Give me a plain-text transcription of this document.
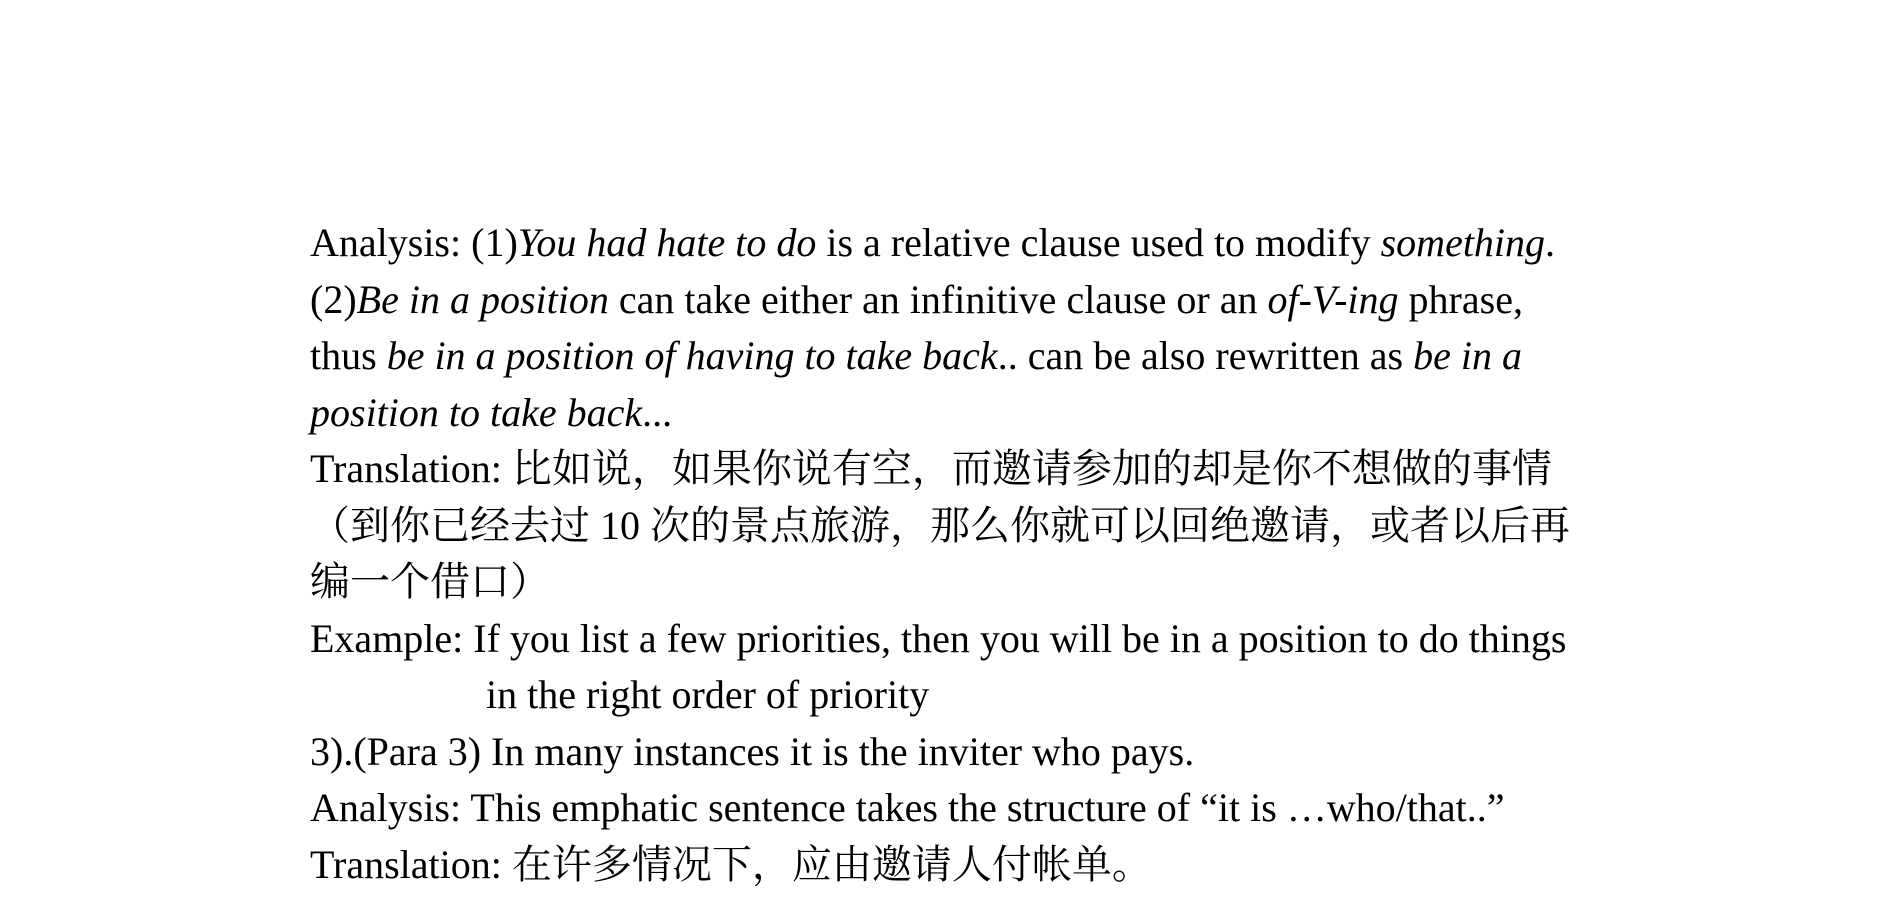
Analysis: (1)You had hate to do is a relative clause used to modify something.
(2)Be in a position can take either an infinitive clause or an of-V-ing phrase,
thus be in a position of having to take back.. can be also rewritten as be in a
position to take back...
Translation: 比如说，如果你说有空，而邀请参加的却是你不想做的事情
（到你已经去过 10 次的景点旅游，那么你就可以回绝邀请，或者以后再
编一个借口）
Example: If you list a few priorities, then you will be in a position to do things
in the right order of priority
3).(Para 3) In many instances it is the inviter who pays.
Analysis: This emphatic sentence takes the structure of “it is …who/that..”
Translation: 在许多情况下，应由邀请人付帐单。
